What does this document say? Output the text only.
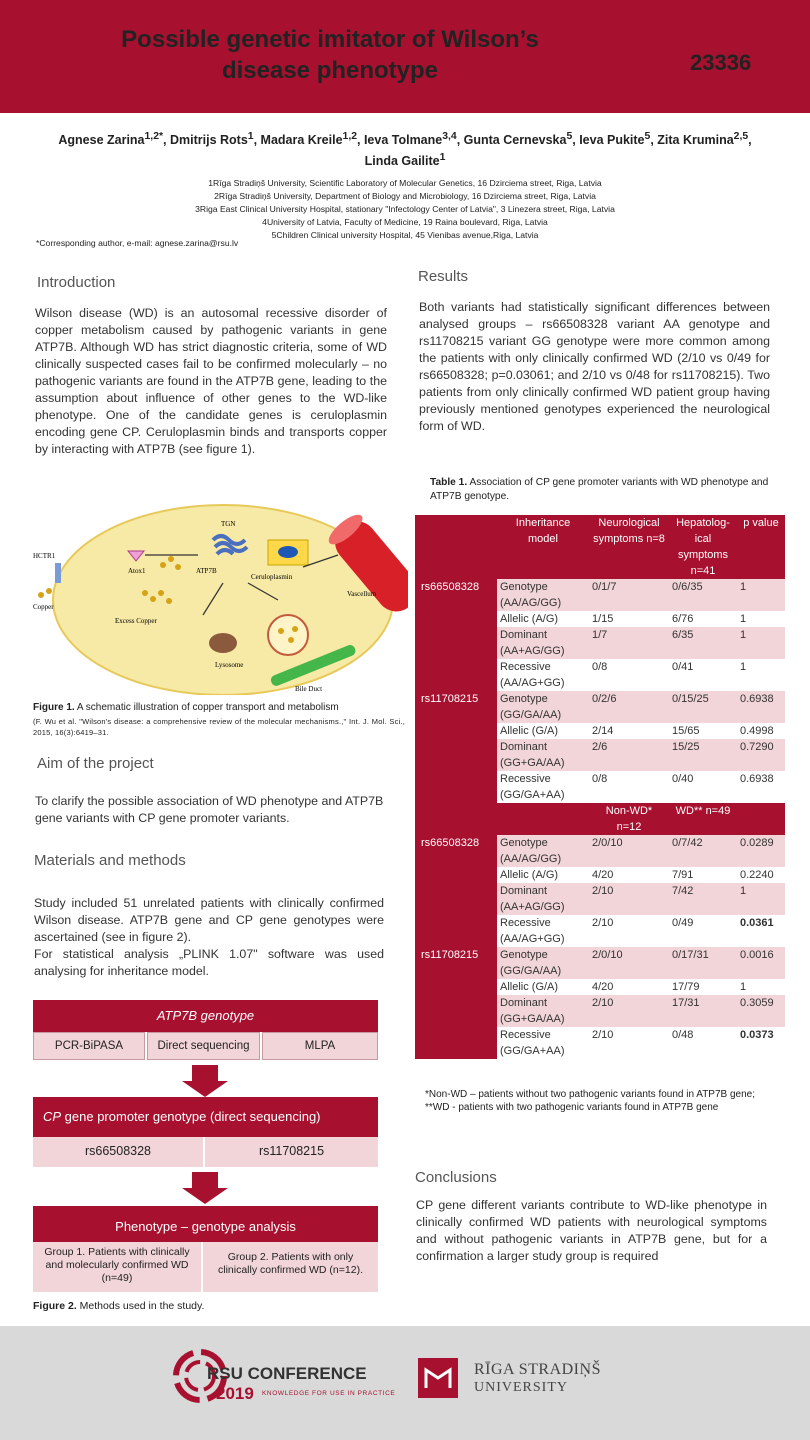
Possible genetic imitator of Wilson’s
disease phenotype	23336
Agnese Zarina$^{1,2*}$, Dmitrijs Rots$^1$, Madara Kreile$^{1,2}$, Ieva Tolmane$^{3,4}$, Gunta Cernevska$^5$, Ieva Pukite$^5$, Zita Krumina$^{2,5}$, Linda Gailite$^1$
1Rīga Stradiņš University, Scientific Laboratory of Molecular Genetics, 16 Dzirciema street, Riga, Latvia
2Rīga Stradiņš University, Department of Biology and Microbiology, 16 Dzirciema street, Riga, Latvia
3Riga East Clinical University Hospital, stationary "Infectology Center of Latvia", 3 Linezera street, Riga, Latvia
4University of Latvia, Faculty of Medicine, 19 Raina boulevard, Riga, Latvia
5Children Clinical university Hospital, 45 Vienibas avenue,Riga, Latvia
*Corresponding author, e-mail: agnese.zarina@rsu.lv
Introduction
Wilson disease (WD) is an autosomal recessive disorder of copper metabolism caused by pathogenic variants in gene ATP7B. Although WD has strict diagnostic criteria, some of WD clinically suspected cases fail to be confirmed molecularly – no pathogenic variants are found in the ATP7B gene, leading to the assumption about influence of other genes to the WD-like phenotype. One of the candidate genes is ceruloplasmin encoding gene CP. Ceruloplasmin binds and transports copper by interacting with ATP7B (see figure 1).
Vascellum
TGN
Ceruloplasmin
HCTR1
Copper
Atox1	ATP7B
Excess Copper
Lysosome
Bile Duct
Figure 1. A schematic illustration of copper transport and metabolism
(F. Wu et al. "Wilson's disease: a comprehensive review of the molecular mechanisms.," Int. J. Mol. Sci., 2015, 16(3):6419–31.
Aim of the project
To clarify the possible association of WD phenotype and ATP7B gene variants with CP gene promoter variants.
Materials and methods
Study included 51 unrelated patients with clinically confirmed Wilson disease. ATP7B gene and CP gene genotypes were ascertained (see in figure 2).
For statistical analysis „PLINK 1.07" software was used analysing for inheritance model.
ATP7B genotype
PCR-BiPASA	Direct sequencing	MLPA
CP gene promoter genotype (direct sequencing)
rs66508328	rs11708215
Phenotype – genotype analysis
Group 1. Patients with clinically and molecularly confirmed WD (n=49)
Group 2. Patients with only clinically confirmed WD (n=12).
Figure 2. Methods used in the study.
Results
Both variants had statistically significant differences between analysed groups – rs66508328 variant AA genotype and rs11708215 variant GG genotype were more common among the patients with only clinically confirmed WD (2/10 vs 0/49 for rs66508328; p=0.03061; and 2/10 vs 0/48 for rs11708215). Two patients from only clinically confirmed WD patient group having previously mentioned genotypes experienced the neurological form of WD.
Table 1. Association of CP gene promoter variants with WD phenotype and ATP7B genotype.
	Inheritance model	Neurological symptoms n=8	Hepatolog- ical symptoms n=41	p value
rs66508328	Genotype (AA/AG/GG)	0/1/7	0/6/35	1
	Allelic (A/G)	1/15	6/76	1
	Dominant (AA+AG/GG)	1/7	6/35	1
	Recessive (AA/AG+GG)	0/8	0/41	1
rs11708215	Genotype (GG/GA/AA)	0/2/6	0/15/25	0.6938
	Allelic (G/A)	2/14	15/65	0.4998
	Dominant (GG+GA/AA)	2/6	15/25	0.7290
	Recessive (GG/GA+AA)	0/8	0/40	0.6938
		Non-WD* n=12	WD** n=49	
rs66508328	Genotype (AA/AG/GG)	2/0/10	0/7/42	0.0289
	Allelic (A/G)	4/20	7/91	0.2240
	Dominant (AA+AG/GG)	2/10	7/42	1
	Recessive (AA/AG+GG)	2/10	0/49	0.0361
rs11708215	Genotype (GG/GA/AA)	2/0/10	0/17/31	0.0016
	Allelic (G/A)	4/20	17/79	1
	Dominant (GG+GA/AA)	2/10	17/31	0.3059
	Recessive (GG/GA+AA)	2/10	0/48	0.0373
*Non-WD – patients without two pathogenic variants found in ATP7B gene;
**WD - patients with two pathogenic variants found in ATP7B gene
Conclusions
CP gene different variants contribute to WD-like phenotype in clinically confirmed WD patients with neurological symptoms and without pathogenic variants in ATP7B gene, but for a confirmation a larger study group is required
RSU CONFERENCE
2019 KNOWLEDGE FOR USE IN PRACTICE
RĪGA STRADIŅŠ
UNIVERSITY
